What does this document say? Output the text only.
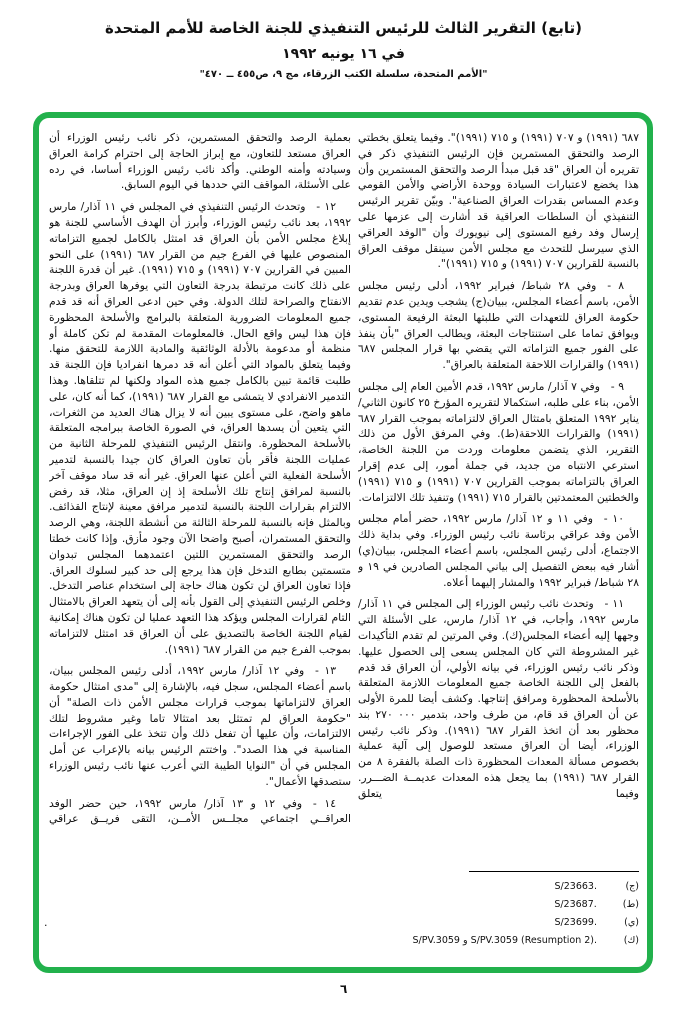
(تابع) التقرير الثالث للرئيس التنفيذي للجنة الخاصة للأمم المتحدة
في ١٦ يونيه ١٩٩٢
"الأمم المتحدة، سلسلة الكتب الزرقاء، مج ٩، ص٤٥٥ ــ ٤٧٠"

٦٨٧ (١٩٩١) و ٧٠٧ (١٩٩١) و ٧١٥ (١٩٩١)". وفيما يتعلق بخطتي الرصد والتحقق المستمرين فإن الرئيس التنفيذي ذكر في تقريره أن العراق "قد قبل مبدأ الرصد والتحقق المستمرين وأن هذا يخضع لاعتبارات السيادة ووحدة الأراضي والأمن القومي وعدم المساس بقدرات العراق الصناعية". وبيّن تقرير الرئيس التنفيذي أن السلطات العراقية قد أشارت إلى عزمها على إرسال وفد رفيع المستوى إلى نيويورك وأن "الوفد العراقي الذي سيرسل للتحدث مع مجلس الأمن سينقل موقف العراق بالنسبة للقرارين ٧٠٧ (١٩٩١) و ٧١٥ (١٩٩١)".

٨ - وفي ٢٨ شباط/ فبراير ١٩٩٢، أدلى رئيس مجلس الأمن، باسم أعضاء المجلس، ببيان(ج) يشجب ويدين عدم تقديم حكومة العراق للتعهدات التي طلبتها البعثة الرفيعة المستوى، ويوافق تماما على استنتاجات البعثة، ويطالب العراق "بأن ينفذ على الفور جميع التزاماته التي يقضي بها قرار المجلس ٦٨٧ (١٩٩١) والقرارات اللاحقة المتعلقة بالعراق".

٩ - وفي ٧ آذار/ مارس ١٩٩٢، قدم الأمين العام إلى مجلس الأمن، بناء على طلبه، استكمالا لتقريره المؤرخ ٢٥ كانون الثاني/ يناير ١٩٩٢ المتعلق بامتثال العراق لالتزاماته بموجب القرار ٦٨٧ (١٩٩١) والقرارات اللاحقة(ط). وفي المرفق الأول من ذلك التقرير، الذي يتضمن معلومات وردت من اللجنة الخاصة، استرعي الانتباه من جديد، في جملة أمور، إلى عدم إقرار العراق بالتزاماته بموجب القرارين ٧٠٧ (١٩٩١) و ٧١٥ (١٩٩١) والخطتين المعتمدتين بالقرار ٧١٥ (١٩٩١) وتنفيذ تلك الالتزامات.

١٠ - وفي ١١ و ١٢ آذار/ مارس ١٩٩٢، حضر أمام مجلس الأمن وفد عراقي برئاسة نائب رئيس الوزراء. وفي بداية ذلك الاجتماع، أدلى رئيس المجلس، باسم أعضاء المجلس، ببيان(ي) أشار فيه ببعض التفصيل إلى بياني المجلس الصادرين في ١٩ و ٢٨ شباط/ فبراير ١٩٩٢ والمشار إليهما أعلاه.

١١ - وتحدث نائب رئيس الوزراء إلى المجلس في ١١ آذار/ مارس ١٩٩٢، وأجاب، في ١٢ آذار/ مارس، على الأسئلة التي وجهها إليه أعضاء المجلس(ك). وفي المرتين لم تقدم التأكيدات غير المشروطة التي كان المجلس يسعى إلى الحصول عليها. وذكر نائب رئيس الوزراء، في بيانه الأولي، أن العراق قد قدم بالفعل إلى اللجنة الخاصة جميع المعلومات اللازمة المتعلقة بالأسلحة المحظورة ومرافق إنتاجها. وكشف أيضا للمرة الأولى عن أن العراق قد قام، من طرف واحد، بتدمير ٢٧٠ ٠٠٠ بند محظور بعد أن اتخذ القرار ٦٨٧ (١٩٩١). وذكر نائب رئيس الوزراء، أيضا أن العراق مستعد للوصول إلى آلية عملية بخصوص مسألة المعدات المحظورة ذات الصلة بالفقرة ٨ من القرار ٦٨٧ (١٩٩١) بما يجعل هذه المعدات عديمــة الضـــرر. وفيما يتعلق

بعملية الرصد والتحقق المستمرين، ذكر نائب رئيس الوزراء أن العراق مستعد للتعاون، مع إبراز الحاجة إلى احترام كرامة العراق وسيادته وأمنه الوطني. وأكد نائب رئيس الوزراء أساسا، في رده على الأسئلة، المواقف التي حددها في اليوم السابق.

١٢ - وتحدث الرئيس التنفيذي في المجلس في ١١ آذار/ مارس ١٩٩٢، بعد نائب رئيس الوزراء، وأبرز أن الهدف الأساسي للجنة هو إبلاغ مجلس الأمن بأن العراق قد امتثل بالكامل لجميع التزاماته المنصوص عليها في الفرع جيم من القرار ٦٨٧ (١٩٩١) على النحو المبين في القرارين ٧٠٧ (١٩٩١) و ٧١٥ (١٩٩١). غير أن قدرة اللجنة على ذلك كانت مرتبطة بدرجة التعاون التي يوفرها العراق وبدرجة الانفتاح والصراحة لتلك الدولة. وفي حين ادعى العراق أنه قد قدم جميع المعلومات الضرورية المتعلقة بالبرامج والأسلحة المحظورة فإن هذا ليس واقع الحال. فالمعلومات المقدمة لم تكن كاملة أو منظمة أو مدعومة بالأدلة الوثائقية والمادية اللازمة للتحقق منها. وفيما يتعلق بالمواد التي أعلن أنه قد دمرها انفراديا فإن اللجنة قد طلبت قائمة تبين بالكامل جميع هذه المواد ولكنها لم تتلقاها. وهذا التدمير الانفرادي لا يتمشى مع القرار ٦٨٧ (١٩٩١)، كما أنه كان، على ماهو واضح، على مستوى يبين أنه لا يزال هناك العديد من الثغرات، التي يتعين أن يسدها العراق، في الصورة الخاصة ببرامجه المتعلقة بالأسلحة المحظورة. وانتقل الرئيس التنفيذي للمرحلة الثانية من عمليات اللجنة فأقر بأن تعاون العراق كان جيدا بالنسبة لتدمير الأسلحة الفعلية التي أعلن عنها العراق. غير أنه قد ساد موقف آخر بالنسبة لمرافق إنتاج تلك الأسلحة إذ إن العراق، مثلا، قد رفض الالتزام بقرارات اللجنة بالنسبة لتدمير مرافق معينة لإنتاج القذائف. وبالمثل فإنه بالنسبة للمرحلة الثالثة من أنشطة اللجنة، وهي الرصد والتحقق المستمران، أصبح واضحا الآن وجود مأزق. وإذا كانت خطتا الرصد والتحقق المستمرين اللتين اعتمدهما المجلس تبدوان متسمتين بطابع التدخل فإن هذا يرجع إلى حد كبير لسلوك العراق. فإذا تعاون العراق لن تكون هناك حاجة إلى استخدام عناصر التدخل. وخلص الرئيس التنفيذي إلى القول بأنه إلى أن يتعهد العراق بالامتثال التام لقرارات المجلس ويؤكد هذا التعهد عمليا لن تكون هناك إمكانية لقيام اللجنة الخاصة بالتصديق على أن العراق قد امتثل لالتزاماته بموجب الفرع جيم من القرار ٦٨٧ (١٩٩١).

١٣ - وفي ١٢ آذار/ مارس ١٩٩٢، أدلى رئيس المجلس ببيان، باسم أعضاء المجلس، سجل فيه، بالإشارة إلى "مدى امتثال حكومة العراق لالتزاماتها بموجب قرارات مجلس الأمن ذات الصلة" أن "حكومة العراق لم تمتثل بعد امتثالا تاما وغير مشروط لتلك الالتزامات، وأن عليها أن تفعل ذلك وأن تتخذ على الفور الإجراءات المناسبة في هذا الصدد". واختتم الرئيس بيانه بالإعراب عن أمل المجلس في أن "النوايا الطيبة التي أعرب عنها نائب رئيس الوزراء ستصدقها الأعمال".

١٤ - وفي ١٢ و ١٣ آذار/ مارس ١٩٩٢، حين حضر الوفد العراقــي اجتماعي مجلــس الأمــن، التقى فريــق عراقي

(ج)
S/23663.
(ط)
S/23687.
(ي)
S/23699.
(ك)
S/PV.3059 و S/PV.3059 (Resumption 2).
.
٦
